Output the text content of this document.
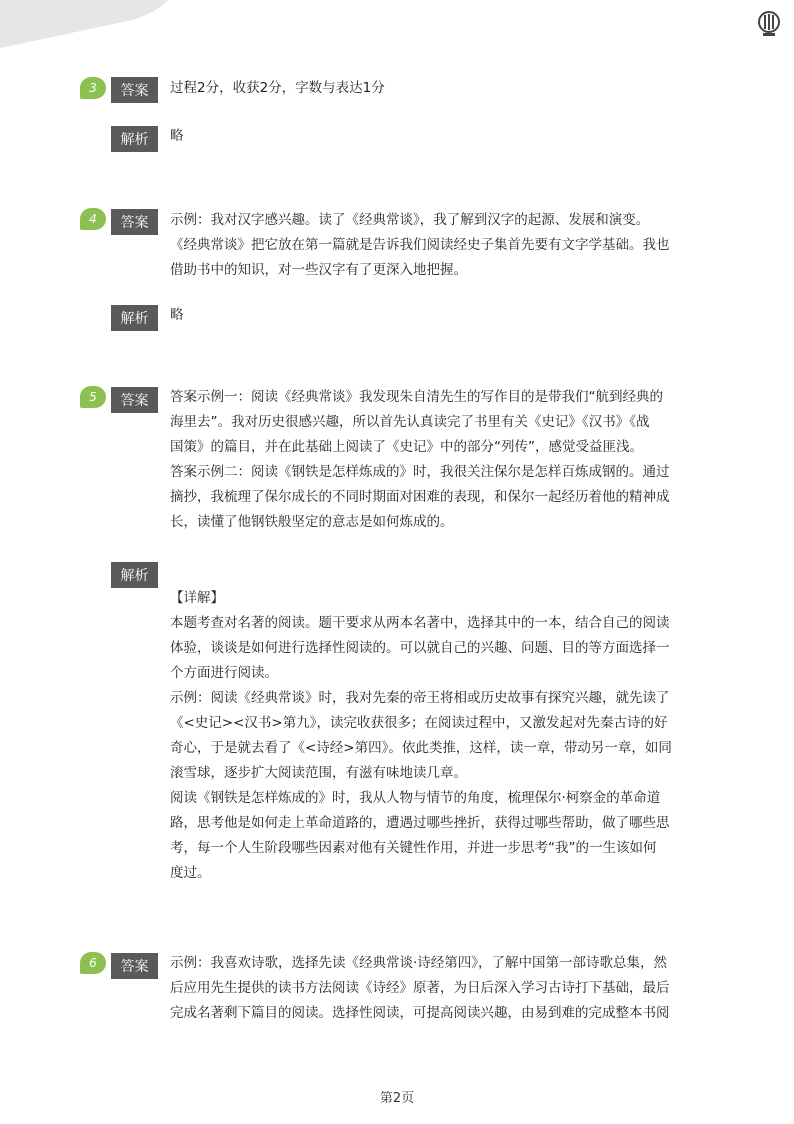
3	答案	过程2分，收获2分，字数与表达1分
解析	略
4	答案	示例：我对汉字感兴趣。读了《经典常谈》，我了解到汉字的起源、发展和演变。
《经典常谈》把它放在第一篇就是告诉我们阅读经史子集首先要有文字学基础。我也
借助书中的知识，对一些汉字有了更深入地把握。
解析	略
5	答案	答案示例一：阅读《经典常谈》我发现朱自清先生的写作目的是带我们“航到经典的
海里去”。我对历史很感兴趣，所以首先认真读完了书里有关《史记》《汉书》《战
国策》的篇目，并在此基础上阅读了《史记》中的部分“列传”，感觉受益匪浅。
答案示例二：阅读《钢铁是怎样炼成的》时，我很关注保尔是怎样百炼成钢的。通过
摘抄，我梳理了保尔成长的不同时期面对困难的表现，和保尔一起经历着他的精神成
长，读懂了他钢铁般坚定的意志是如何炼成的。
解析
【详解】
本题考查对名著的阅读。题干要求从两本名著中，选择其中的一本，结合自己的阅读
体验，谈谈是如何进行选择性阅读的。可以就自己的兴趣、问题、目的等方面选择一
个方面进行阅读。
示例：阅读《经典常谈》时，我对先秦的帝王将相或历史故事有探究兴趣，就先读了
《<史记><汉书>第九》，读完收获很多；在阅读过程中，又激发起对先秦古诗的好
奇心，于是就去看了《<诗经>第四》。依此类推，这样，读一章，带动另一章，如同
滚雪球，逐步扩大阅读范围，有滋有味地读几章。
阅读《钢铁是怎样炼成的》时，我从人物与情节的角度，梳理保尔·柯察金的革命道
路，思考他是如何走上革命道路的，遭遇过哪些挫折，获得过哪些帮助，做了哪些思
考，每一个人生阶段哪些因素对他有关键性作用，并进一步思考“我”的一生该如何
度过。
6	答案	示例：我喜欢诗歌，选择先读《经典常谈·诗经第四》，了解中国第一部诗歌总集，然
后应用先生提供的读书方法阅读《诗经》原著，为日后深入学习古诗打下基础，最后
完成名著剩下篇目的阅读。选择性阅读，可提高阅读兴趣，由易到难的完成整本书阅
第2页
